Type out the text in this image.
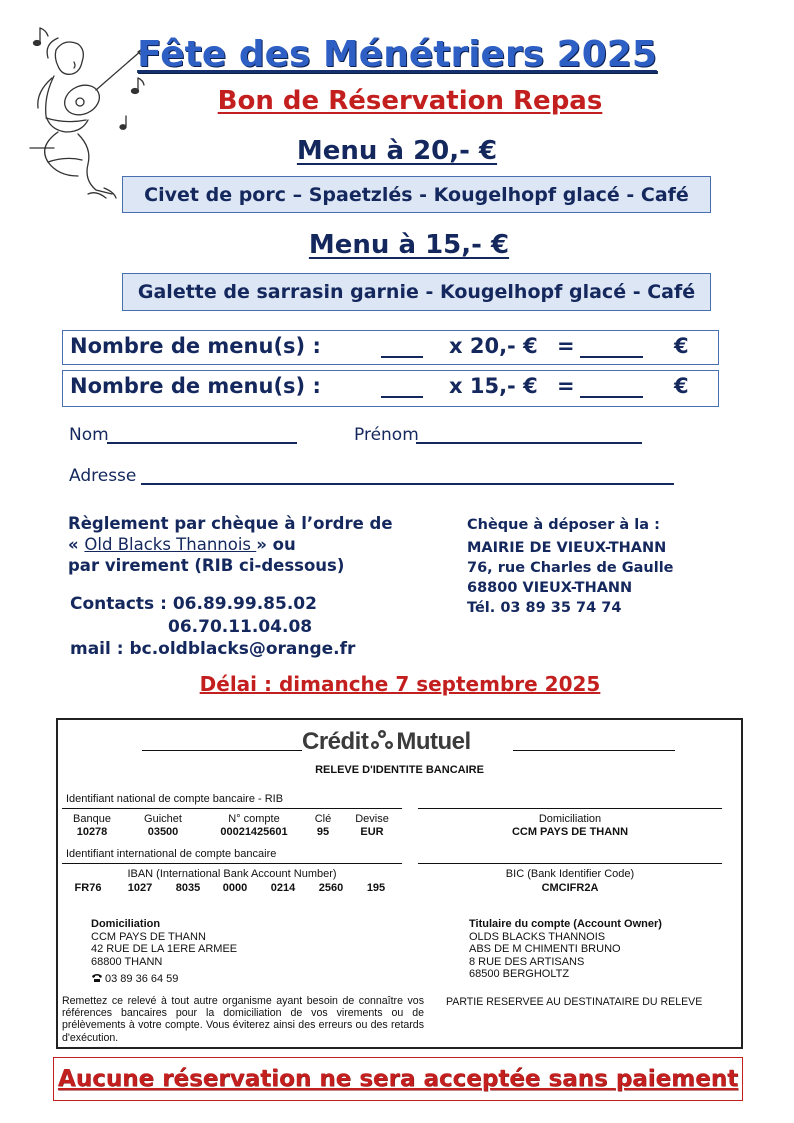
Fête des Ménétriers 2025
Bon de Réservation Repas
Menu à 20,- €
Civet de porc – Spaetzlés - Kougelhopf glacé - Café
Menu à 15,- €
Galette de sarrasin garnie - Kougelhopf glacé - Café
Nombre de menu(s) :	____ x 20,- € = ______ €
Nombre de menu(s) :	____ x 15,- € = ______ €
Nom	Prénom
Adresse
Règlement par chèque à l’ordre de
« Old Blacks Thannois » ou
par virement (RIB ci-dessous)
Contacts : 06.89.99.85.02
06.70.11.04.08
mail : bc.oldblacks@orange.fr
Chèque à déposer à la :
MAIRIE DE VIEUX-THANN
76, rue Charles de Gaulle
68800 VIEUX-THANN
Tél. 03 89 35 74 74
Délai : dimanche 7 septembre 2025
Crédit Mutuel
RELEVE D'IDENTITE BANCAIRE
Identifiant national de compte bancaire - RIB
Banque	Guichet	N° compte	Clé	Devise
10278	03500	00021425601	95	EUR
Domiciliation
CCM PAYS DE THANN
Identifiant international de compte bancaire
IBAN (International Bank Account Number)
FR76	1027	8035	0000	0214	2560	195
BIC (Bank Identifier Code)
CMCIFR2A
Domiciliation
CCM PAYS DE THANN
42 RUE DE LA 1ERE ARMEE
68800 THANN
03 89 36 64 59
Titulaire du compte (Account Owner)
OLDS BLACKS THANNOIS
ABS DE M CHIMENTI BRUNO
8 RUE DES ARTISANS
68500 BERGHOLTZ
Remettez ce relevé à tout autre organisme ayant besoin de connaître vos références bancaires pour la domiciliation de vos virements ou de prélèvements à votre compte. Vous éviterez ainsi des erreurs ou des retards d'exécution.
PARTIE RESERVEE AU DESTINATAIRE DU RELEVE
Aucune réservation ne sera acceptée sans paiement
